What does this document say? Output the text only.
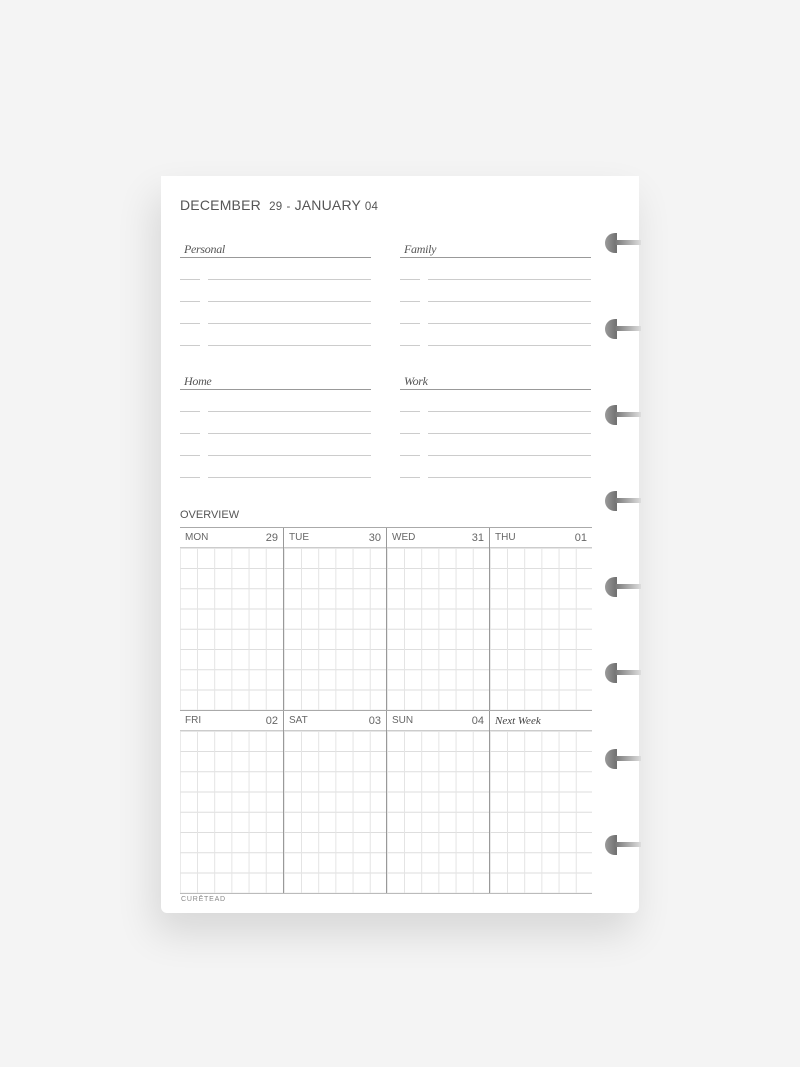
DECEMBER 29 - JANUARY 04
Personal	Family
Home	Work
OVERVIEW
MON	29 TUE	30 WED	31 THU	01
FRI	02 SAT	03 SUN	04 Next Week
CURĒTEAD
